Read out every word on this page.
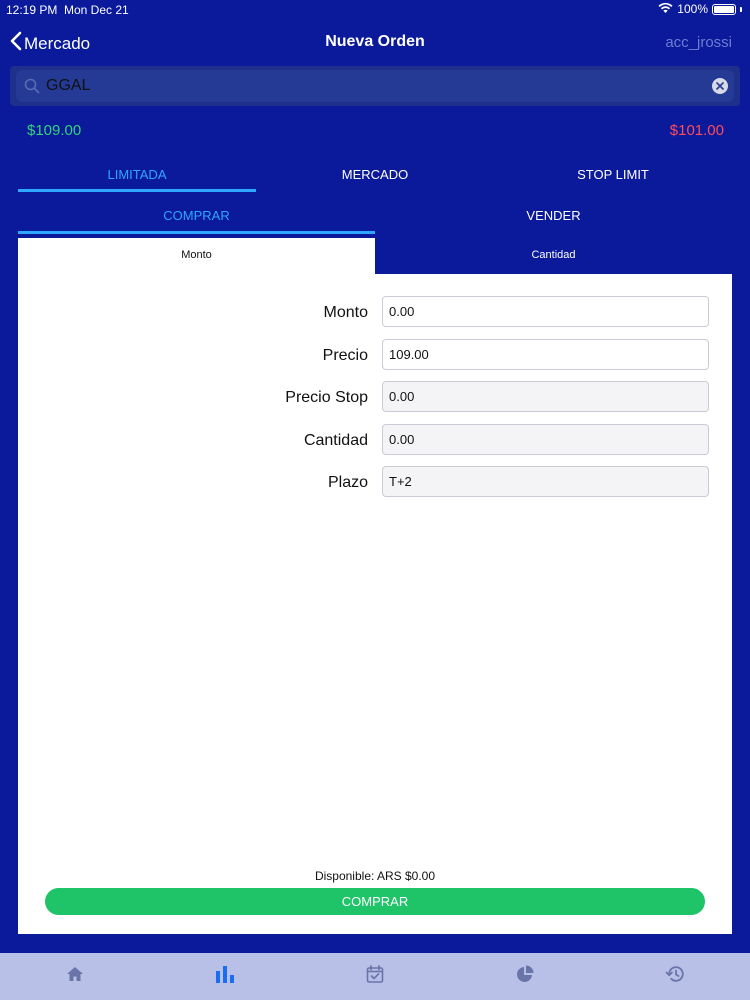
12:19 PM Mon Dec 21	100%
Mercado	Nueva Orden	acc_jrossi
GGAL
$109.00	$101.00
LIMITADA	MERCADO	STOP LIMIT
COMPRAR	VENDER
Monto	Cantidad
Monto
0.00
Precio
109.00
Precio Stop
0.00
Cantidad
0.00
Plazo
T+2
Disponible: ARS $0.00
COMPRAR
